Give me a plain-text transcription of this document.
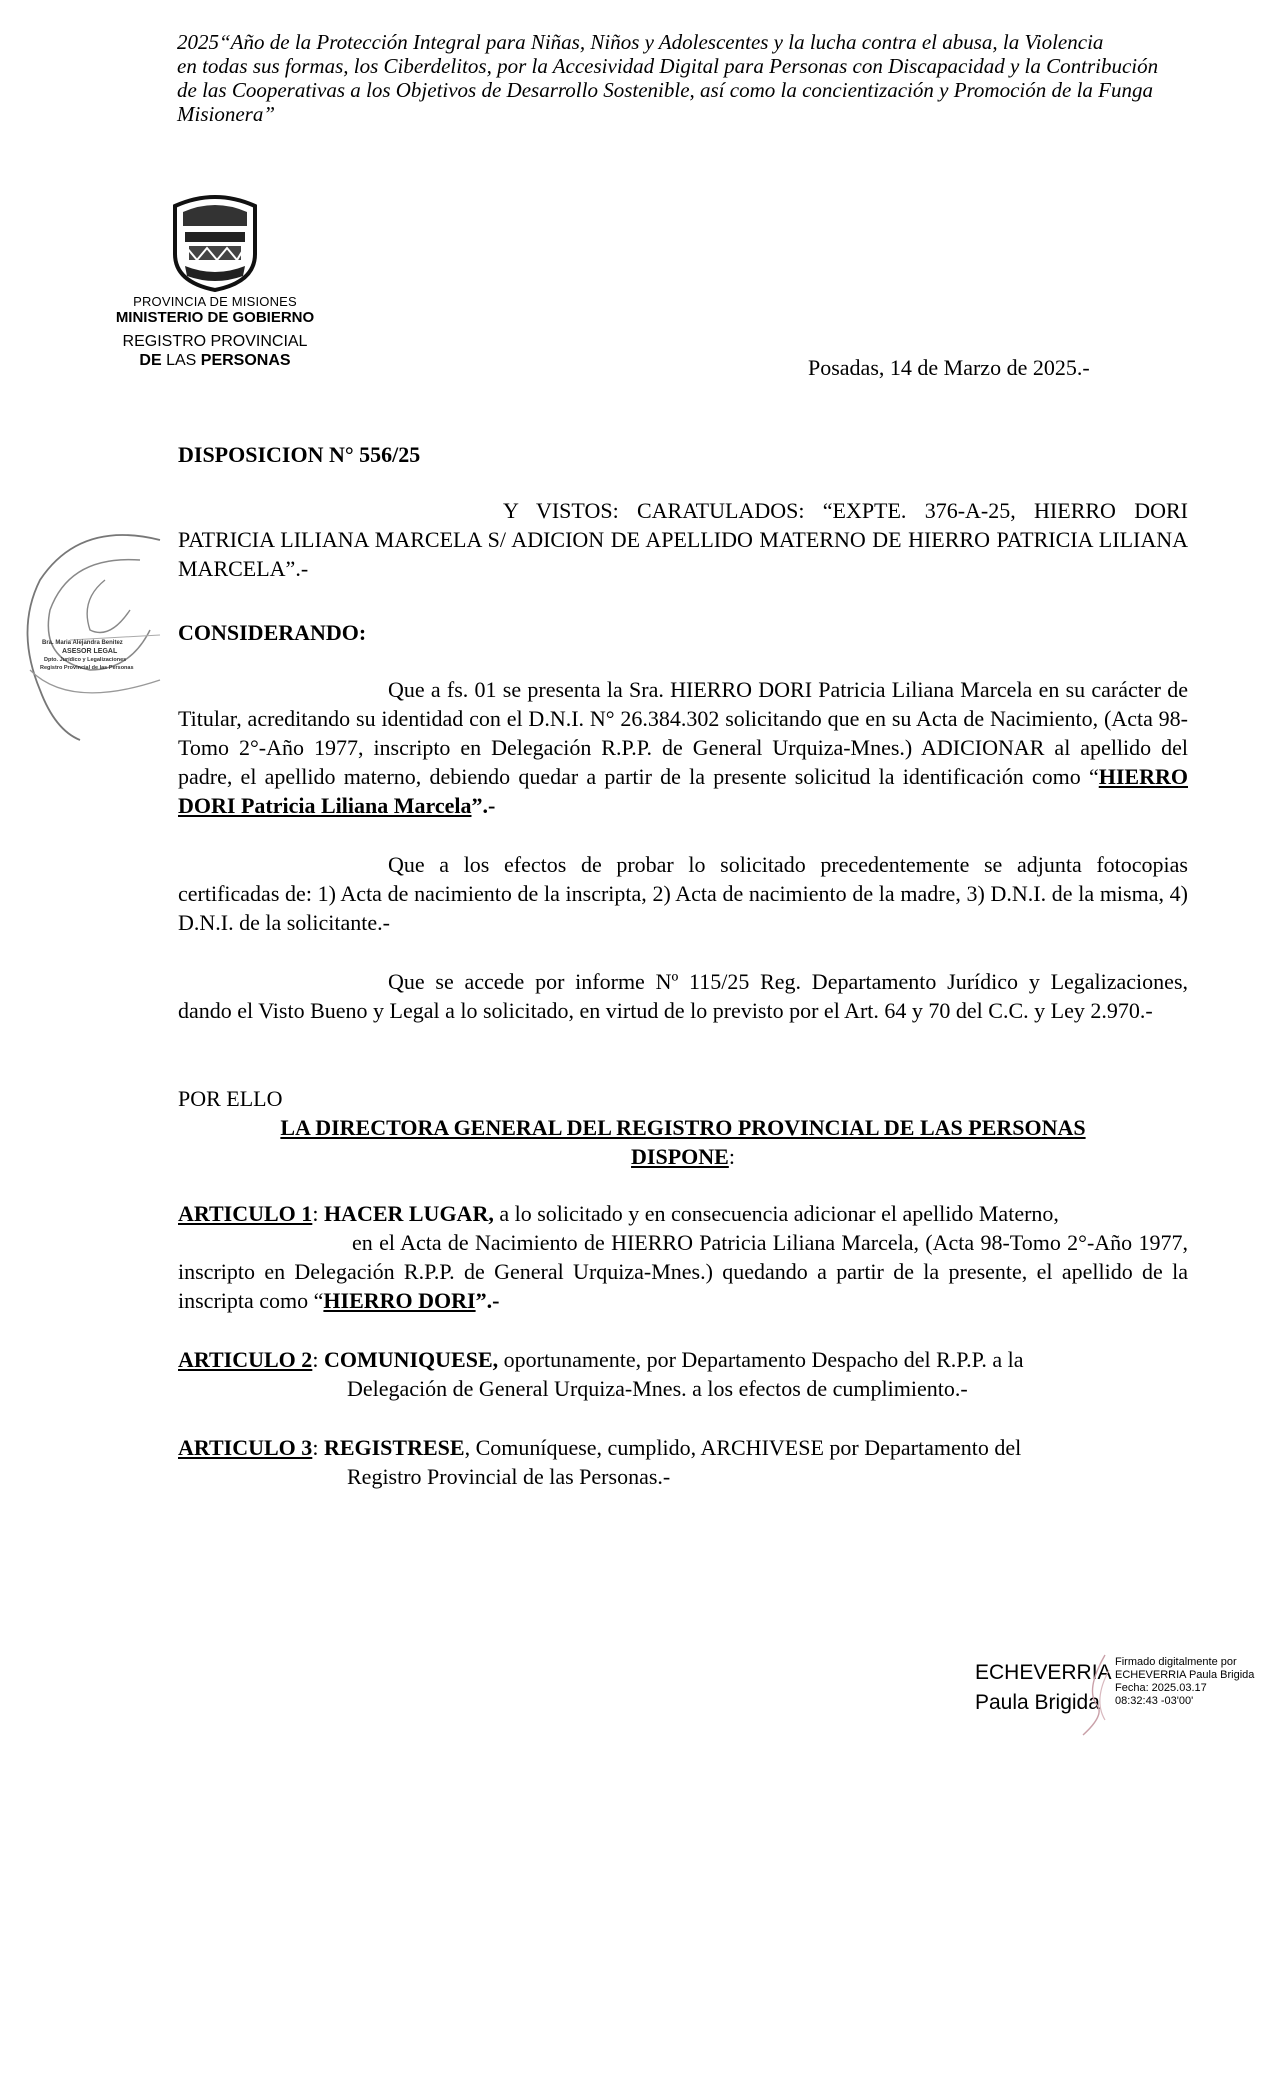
2025“Año de la Protección Integral para Niñas, Niños y Adolescentes y la lucha contra el abusa, la Violencia
en todas sus formas, los Ciberdelitos, por la Accesividad Digital para Personas con Discapacidad y la Contribución
de las Cooperativas a los Objetivos de Desarrollo Sostenible, así como la concientización y Promoción de la Funga
Misionera”
PROVINCIA DE MISIONES
MINISTERIO DE GOBIERNO
REGISTRO PROVINCIAL
DE LAS PERSONAS	Posadas, 14 de Marzo de 2025.-
DISPOSICION N° 556/25
Bra. Maria Alejandra Benitez
ASESOR LEGAL
Dpto. Jurídico y Legalizaciones
Registro Provincial de las Personas
Y VISTOS: CARATULADOS: “EXPTE. 376-A-25, HIERRO DORI PATRICIA LILIANA MARCELA S/ ADICION DE APELLIDO MATERNO DE HIERRO PATRICIA LILIANA MARCELA”.-
CONSIDERANDO:
Que a fs. 01 se presenta la Sra. HIERRO DORI Patricia Liliana Marcela en su carácter de Titular, acreditando su identidad con el D.N.I. N° 26.384.302 solicitando que en su Acta de Nacimiento, (Acta 98-Tomo 2°-Año 1977, inscripto en Delegación R.P.P. de General Urquiza-Mnes.) ADICIONAR al apellido del padre, el apellido materno, debiendo quedar a partir de la presente solicitud la identificación como “HIERRO DORI Patricia Liliana Marcela”.-
Que a los efectos de probar lo solicitado precedentemente se adjunta fotocopias certificadas de: 1) Acta de nacimiento de la inscripta, 2) Acta de nacimiento de la madre, 3) D.N.I. de la misma, 4) D.N.I. de la solicitante.-
Que se accede por informe Nº 115/25 Reg. Departamento Jurídico y Legalizaciones, dando el Visto Bueno y Legal a lo solicitado, en virtud de lo previsto por el Art. 64 y 70 del C.C. y Ley 2.970.-
POR ELLO
LA DIRECTORA GENERAL DEL REGISTRO PROVINCIAL DE LAS PERSONAS
DISPONE:
ARTICULO 1: HACER LUGAR, a lo solicitado y en consecuencia adicionar el apellido Materno,
en el Acta de Nacimiento de HIERRO Patricia Liliana Marcela, (Acta 98-Tomo 2°-Año 1977, inscripto en Delegación R.P.P. de General Urquiza-Mnes.) quedando a partir de la presente, el apellido de la inscripta como “HIERRO DORI”.-
ARTICULO 2: COMUNIQUESE, oportunamente, por Departamento Despacho del R.P.P. a la
Delegación de General Urquiza-Mnes. a los efectos de cumplimiento.-
ARTICULO 3: REGISTRESE, Comuníquese, cumplido, ARCHIVESE por Departamento del
Registro Provincial de las Personas.-
ECHEVERRIA
Paula Brigida
Firmado digitalmente por
ECHEVERRIA Paula Brigida
Fecha: 2025.03.17
08:32:43 -03'00'
